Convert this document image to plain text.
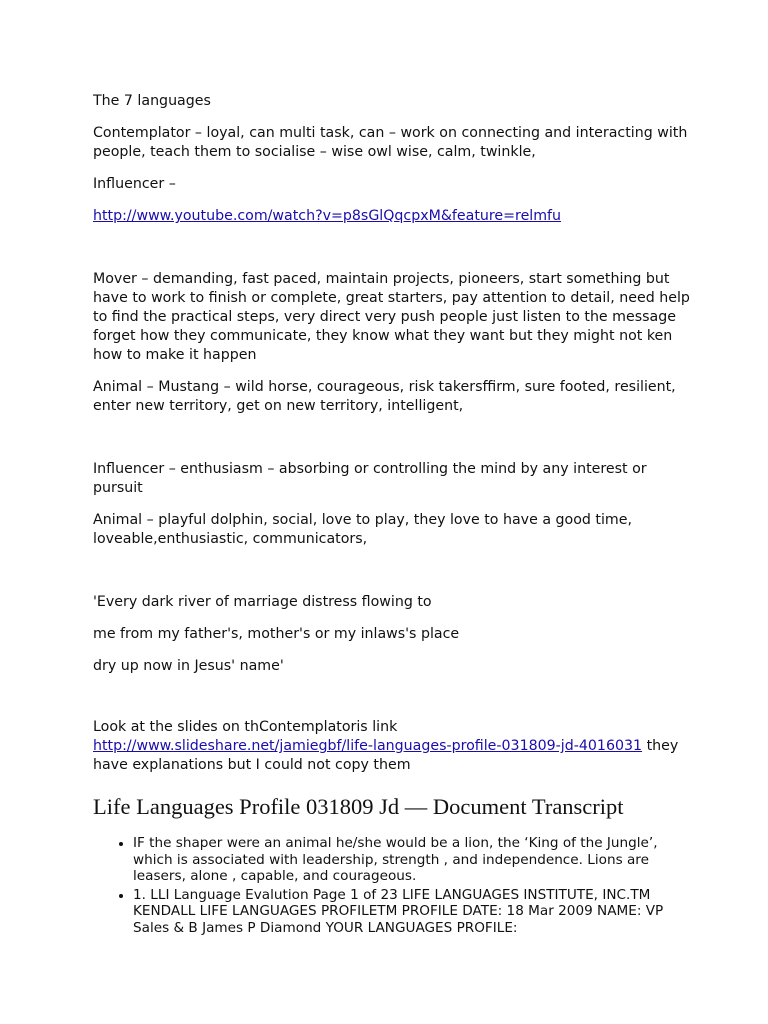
The 7 languages

Contemplator – loyal, can multi task, can – work on connecting and interacting with people, teach them to socialise – wise owl wise, calm, twinkle,

Influencer –

http://www.youtube.com/watch?v=p8sGlQqcpxM&feature=relmfu

Mover – demanding, fast paced, maintain projects, pioneers, start something but have to work to finish or complete, great starters, pay attention to detail, need help to find the practical steps, very direct very push people just listen to the message forget how they communicate, they know what they want but they might not ken how to make it happen

Animal – Mustang – wild horse, courageous, risk takersffirm, sure footed, resilient, enter new territory, get on new territory, intelligent,

Influencer – enthusiasm – absorbing or controlling the mind by any interest or pursuit

Animal – playful dolphin, social, love to play, they love to have a good time, loveable,enthusiastic, communicators,

'Every dark river of marriage distress flowing to

me from my father's, mother's or my inlaws's place

dry up now in Jesus' name'

Look at the slides on thContemplatoris link
http://www.slideshare.net/jamiegbf/life-languages-profile-031809-jd-4016031 they have explanations but I could not copy them

Life Languages Profile 031809 Jd — Document Transcript
• IF the shaper were an animal he/she would be a lion, the ‘King of the Jungle’, which is associated with leadership, strength , and independence. Lions are leasers, alone , capable, and courageous.
• 1. LLI Language Evalution Page 1 of 23 LIFE LANGUAGES INSTITUTE, INC.TM KENDALL LIFE LANGUAGES PROFILETM PROFILE DATE: 18 Mar 2009 NAME: VP Sales & B James P Diamond YOUR LANGUAGES PROFILE:
